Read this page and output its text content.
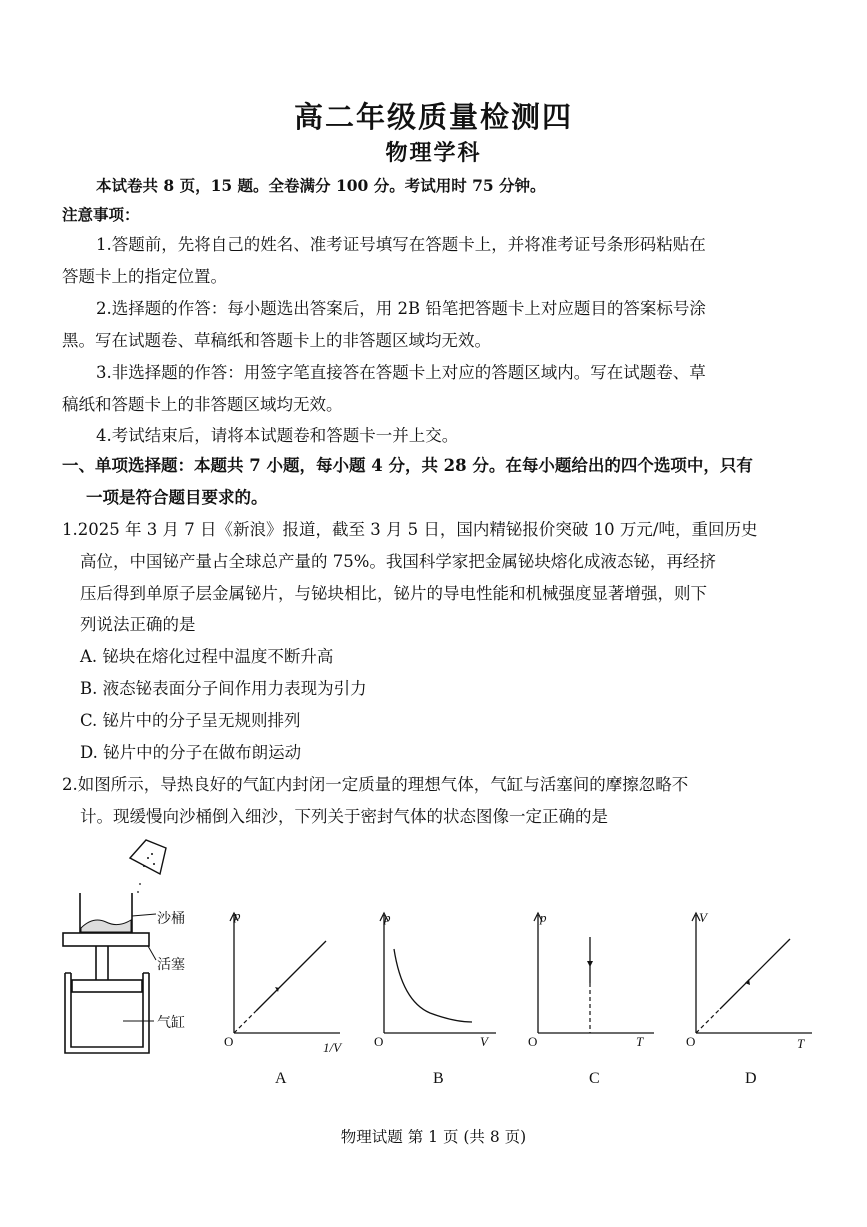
高二年级质量检测四
物理学科
本试卷共 8 页，15 题。全卷满分 100 分。考试用时 75 分钟。
注意事项：
1.答题前，先将自己的姓名、准考证号填写在答题卡上，并将准考证号条形码粘贴在
答题卡上的指定位置。
2.选择题的作答：每小题选出答案后，用 2B 铅笔把答题卡上对应题目的答案标号涂
黑。写在试题卷、草稿纸和答题卡上的非答题区域均无效。
3.非选择题的作答：用签字笔直接答在答题卡上对应的答题区域内。写在试题卷、草
稿纸和答题卡上的非答题区域均无效。
4.考试结束后，请将本试题卷和答题卡一并上交。
一、单项选择题：本题共 7 小题，每小题 4 分，共 28 分。在每小题给出的四个选项中，只有
一项是符合题目要求的。
1.2025 年 3 月 7 日《新浪》报道，截至 3 月 5 日，国内精铋报价突破 10 万元/吨，重回历史
高位，中国铋产量占全球总产量的 75%。我国科学家把金属铋块熔化成液态铋，再经挤
压后得到单原子层金属铋片，与铋块相比，铋片的导电性能和机械强度显著增强，则下
列说法正确的是
A. 铋块在熔化过程中温度不断升高
B. 液态铋表面分子间作用力表现为引力
C. 铋片中的分子呈无规则排列
D. 铋片中的分子在做布朗运动
2.如图所示，导热良好的气缸内封闭一定质量的理想气体，气缸与活塞间的摩擦忽略不
计。现缓慢向沙桶倒入细沙，下列关于密封气体的状态图像一定正确的是
沙桶
活塞
气缸
p
O	1/V
A
p
O	V
B
p
O	T
C
V
O	T
D
物理试题 第 1 页 (共 8 页)
